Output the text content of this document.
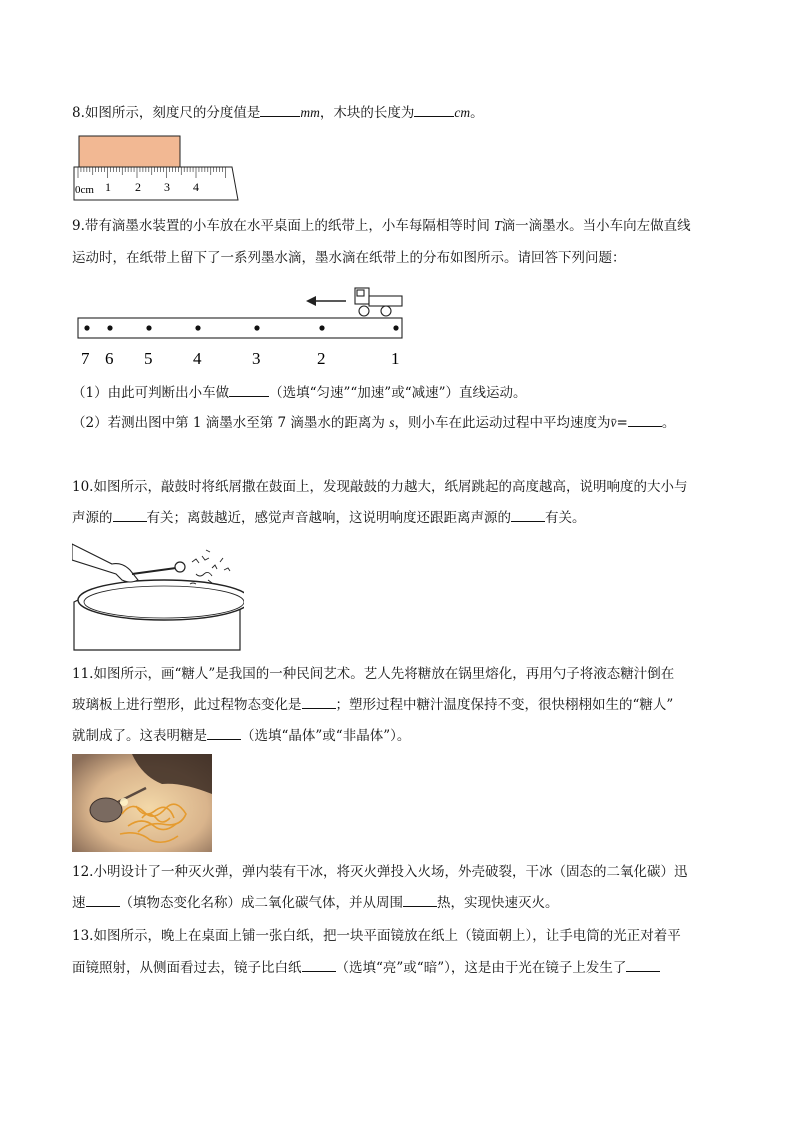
8.如图所示，刻度尺的分度值是	mm，木块的长度为	cm。
0cm 1 2 3 4
9.带有滴墨水装置的小车放在水平桌面上的纸带上，小车每隔相等时间 T滴一滴墨水。当小车向左做直线
运动时，在纸带上留下了一系列墨水滴，墨水滴在纸带上的分布如图所示。请回答下列问题：
7 6 5 4	3	2	1
（1）由此可判断出小车做	（选填“匀速”“加速”或“减速”）直线运动。
（2）若测出图中第 1 滴墨水至第 7 滴墨水的距离为 s，则小车在此运动过程中平均速度为v̄=	。
10.如图所示，敲鼓时将纸屑撒在鼓面上，发现敲鼓的力越大，纸屑跳起的高度越高，说明响度的大小与
声源的	有关；离鼓越近，感觉声音越响，这说明响度还跟距离声源的	有关。
11.如图所示，画“糖人”是我国的一种民间艺术。艺人先将糖放在锅里熔化，再用勺子将液态糖汁倒在
玻璃板上进行塑形，此过程物态变化是	；塑形过程中糖汁温度保持不变，很快栩栩如生的“糖人”
就制成了。这表明糖是	（选填“晶体”或“非晶体”）。
12.小明设计了一种灭火弹，弹内装有干冰，将灭火弹投入火场，外壳破裂，干冰（固态的二氧化碳）迅
速	（填物态变化名称）成二氧化碳气体，并从周围	热，实现快速灭火。
13.如图所示，晚上在桌面上铺一张白纸，把一块平面镜放在纸上（镜面朝上），让手电筒的光正对着平
面镜照射，从侧面看过去，镜子比白纸	（选填“亮”或“暗”），这是由于光在镜子上发生了
